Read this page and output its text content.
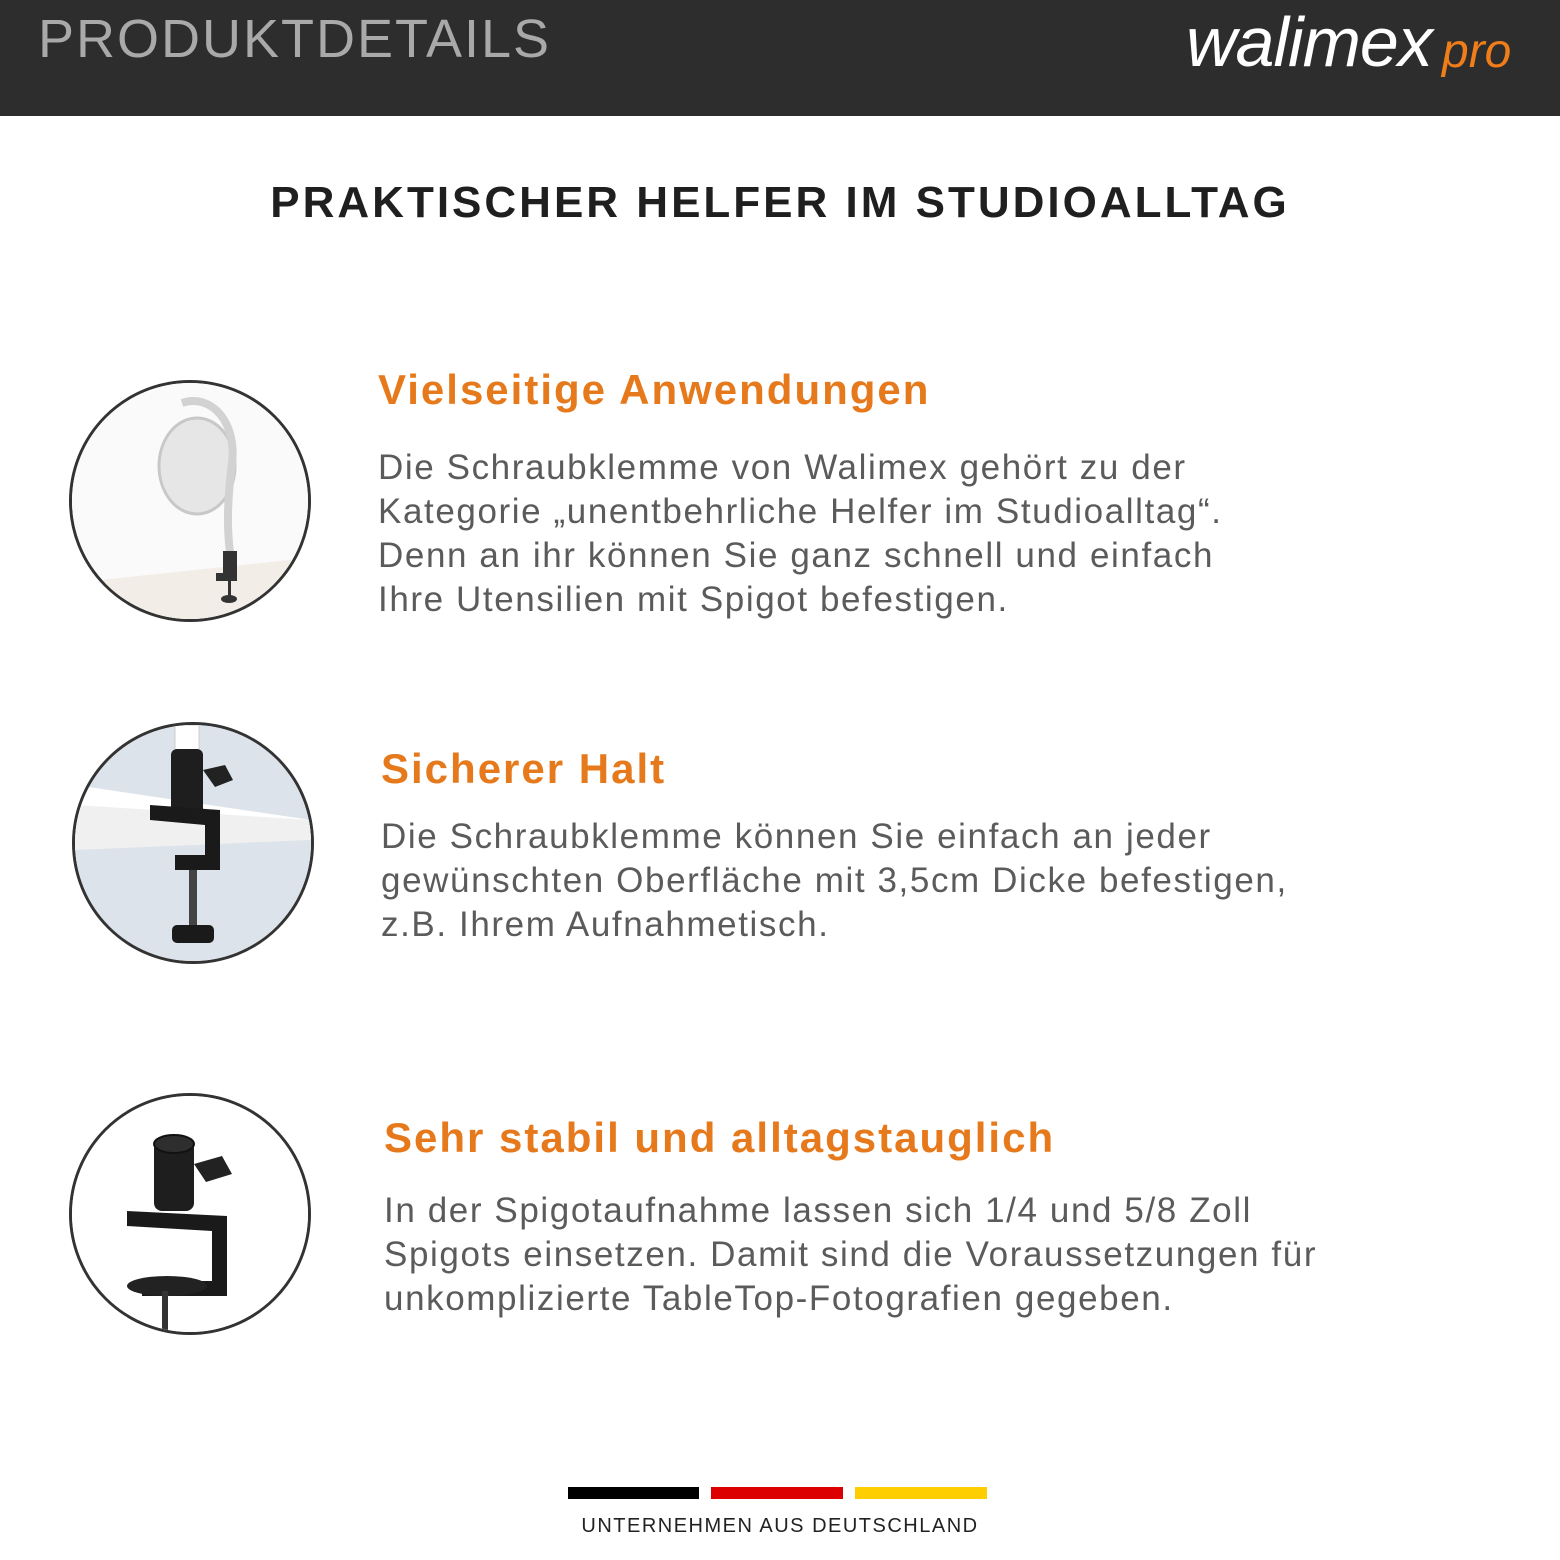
PRODUKTDETAILS	walimex pro
PRAKTISCHER HELFER IM STUDIOALLTAG
Vielseitige Anwendungen
Die Schraubklemme von Walimex gehört zu der
Kategorie „unentbehrliche Helfer im Studioalltag“.
Denn an ihr können Sie ganz schnell und einfach
Ihre Utensilien mit Spigot befestigen.
Sicherer Halt
Die Schraubklemme können Sie einfach an jeder
gewünschten Oberfläche mit 3,5cm Dicke befestigen,
z.B. Ihrem Aufnahmetisch.
Sehr stabil und alltagstauglich
In der Spigotaufnahme lassen sich 1/4 und 5/8 Zoll
Spigots einsetzen. Damit sind die Voraussetzungen für
unkomplizierte TableTop-Fotografien gegeben.
UNTERNEHMEN AUS DEUTSCHLAND
